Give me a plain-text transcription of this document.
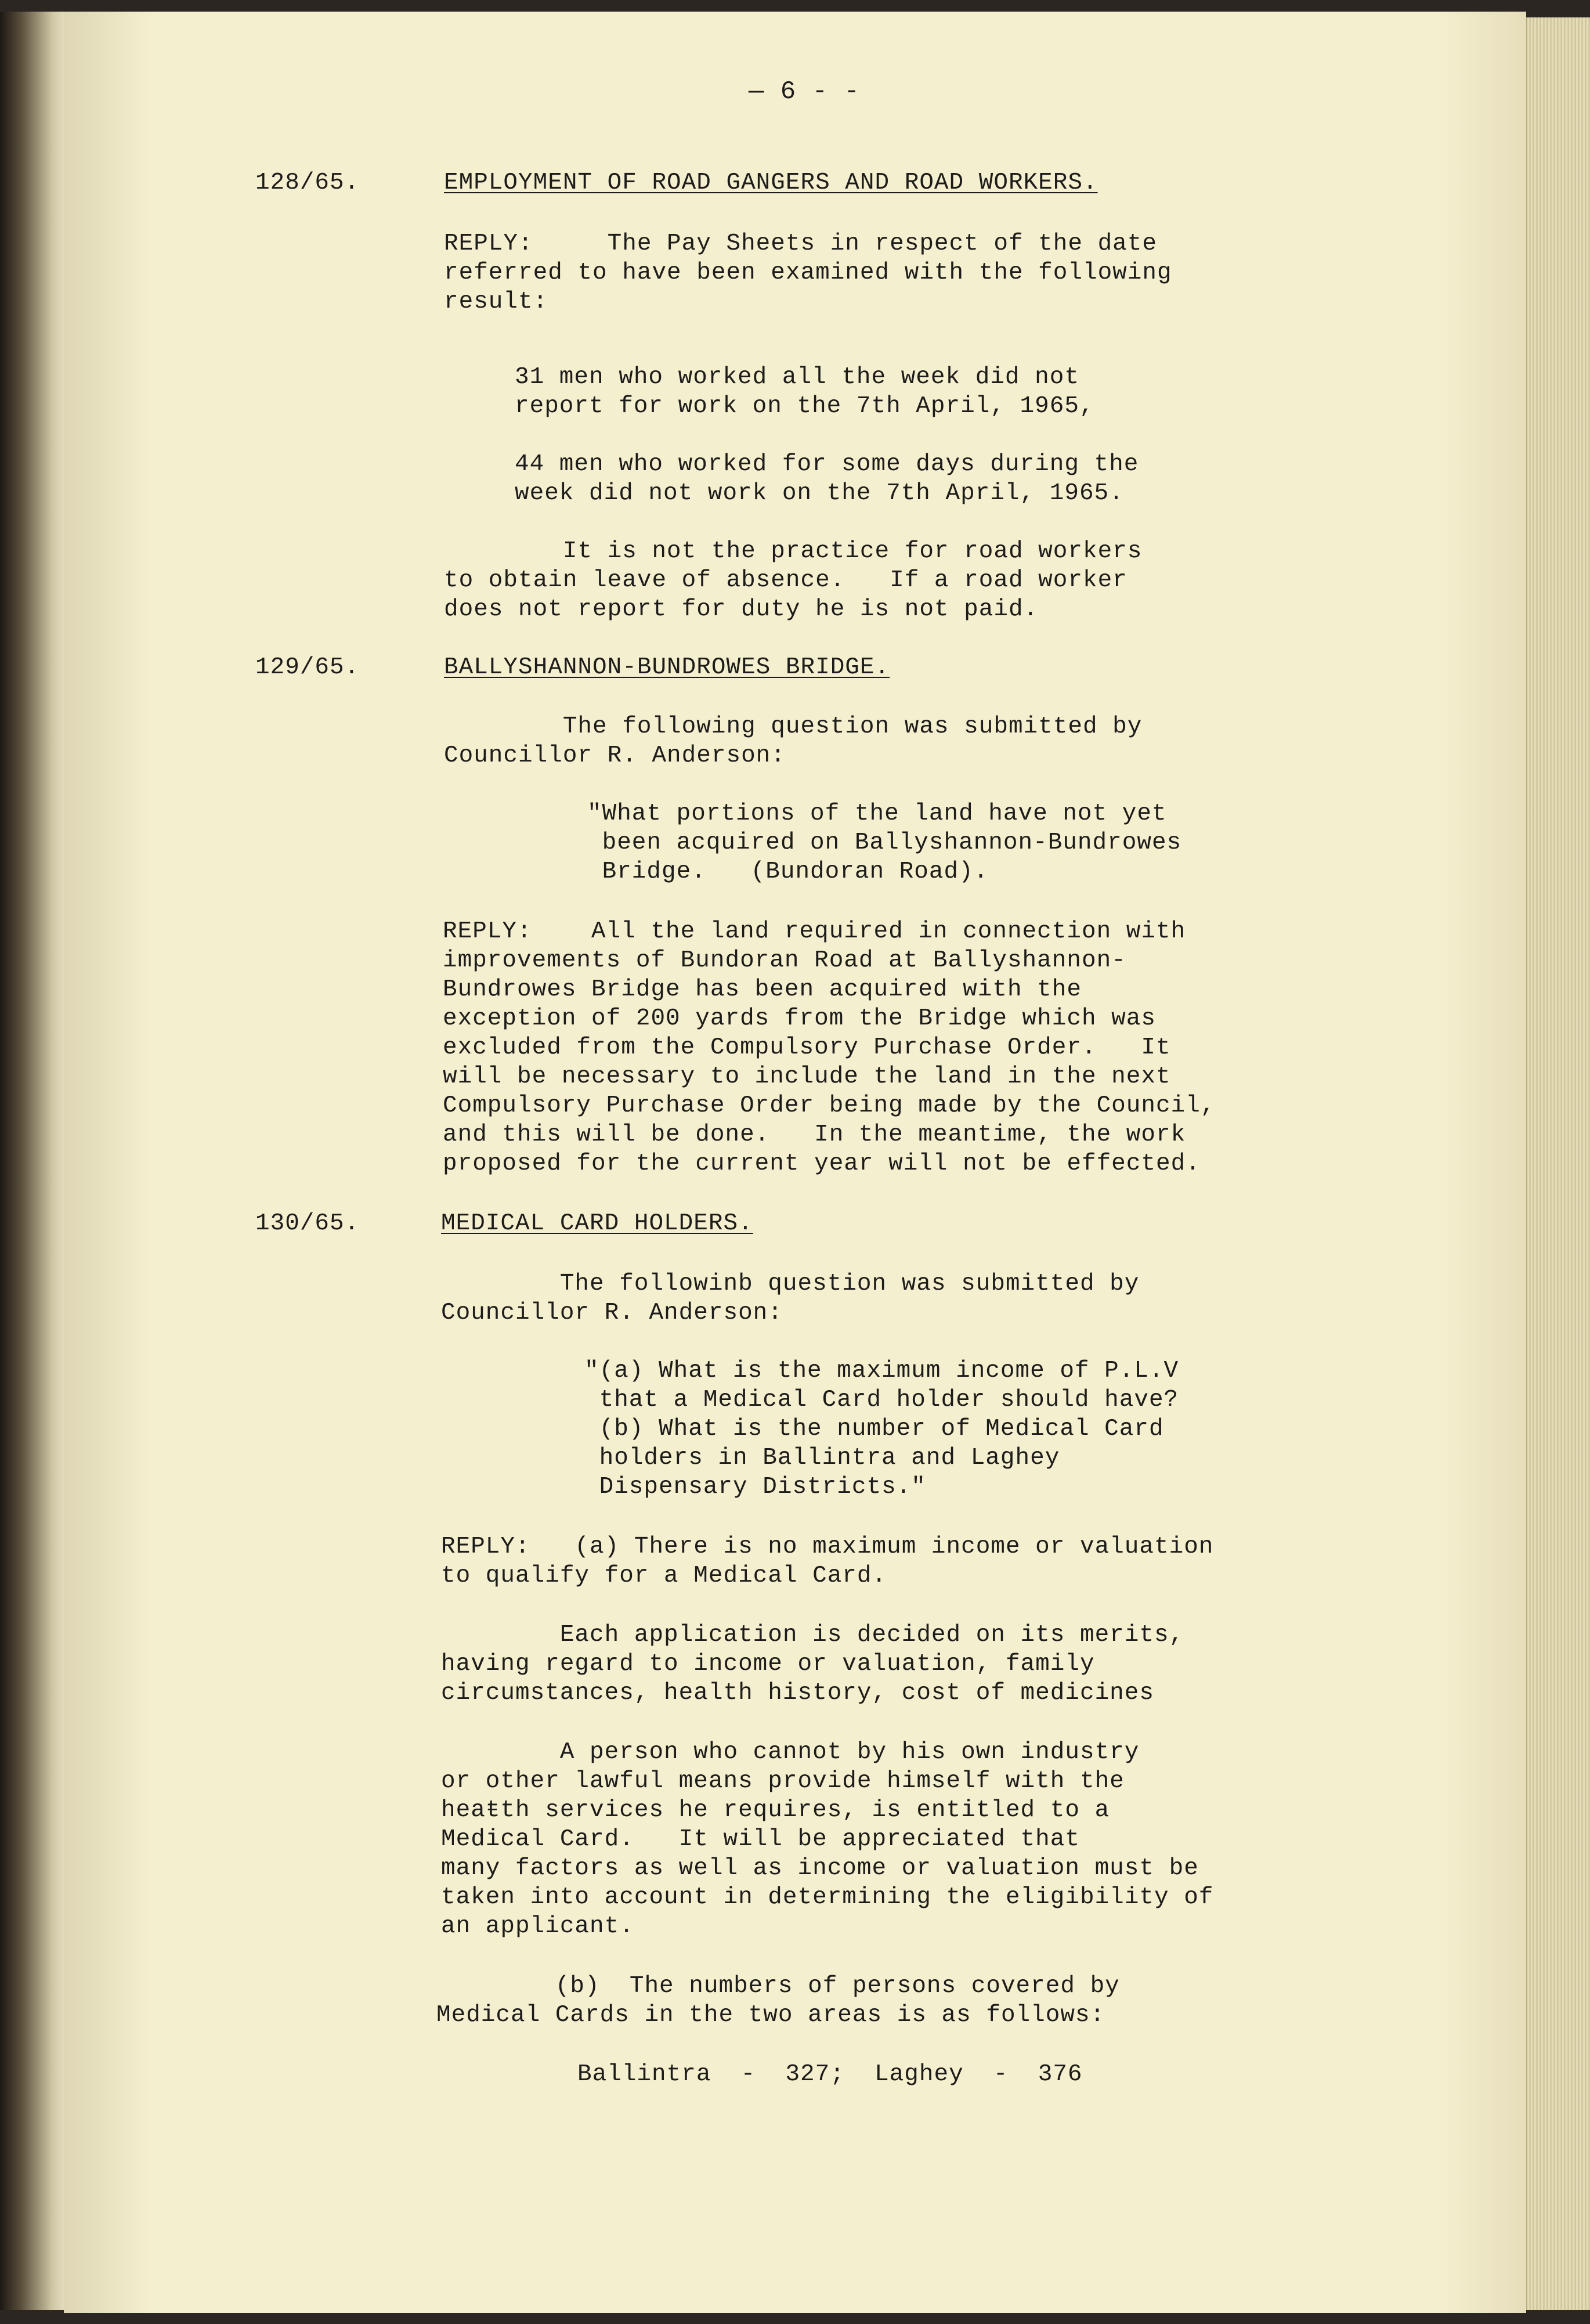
— 6 - -
128/65.	EMPLOYMENT OF ROAD GANGERS AND ROAD WORKERS.
REPLY:     The Pay Sheets in respect of the date
referred to have been examined with the following
result:
31 men who worked all the week did not
report for work on the 7th April, 1965,
44 men who worked for some days during the
week did not work on the 7th April, 1965.
It is not the practice for road workers
to obtain leave of absence.   If a road worker
does not report for duty he is not paid.
129/65.	BALLYSHANNON-BUNDROWES BRIDGE.
The following question was submitted by
Councillor R. Anderson:
"What portions of the land have not yet
been acquired on Ballyshannon-Bundrowes
Bridge.   (Bundoran Road).
REPLY:    All the land required in connection with
improvements of Bundoran Road at Ballyshannon-
Bundrowes Bridge has been acquired with the
exception of 200 yards from the Bridge which was
excluded from the Compulsory Purchase Order.   It
will be necessary to include the land in the next
Compulsory Purchase Order being made by the Council,
and this will be done.   In the meantime, the work
proposed for the current year will not be effected.
130/65.	MEDICAL CARD HOLDERS.
The followinb question was submitted by
Councillor R. Anderson:
"(a) What is the maximum income of P.L.V
that a Medical Card holder should have?
(b) What is the number of Medical Card
holders in Ballintra and Laghey
Dispensary Districts."
REPLY:   (a) There is no maximum income or valuation
to qualify for a Medical Card.
Each application is decided on its merits,
having regard to income or valuation, family
circumstances, health history, cost of medicines
A person who cannot by his own industry
or other lawful means provide himself with the
heaŧth services he requires, is entitled to a
Medical Card.   It will be appreciated that
many factors as well as income or valuation must be
taken into account in determining the eligibility of
an applicant.
(b)  The numbers of persons covered by
Medical Cards in the two areas is as follows:
Ballintra  -  327;  Laghey  -  376
